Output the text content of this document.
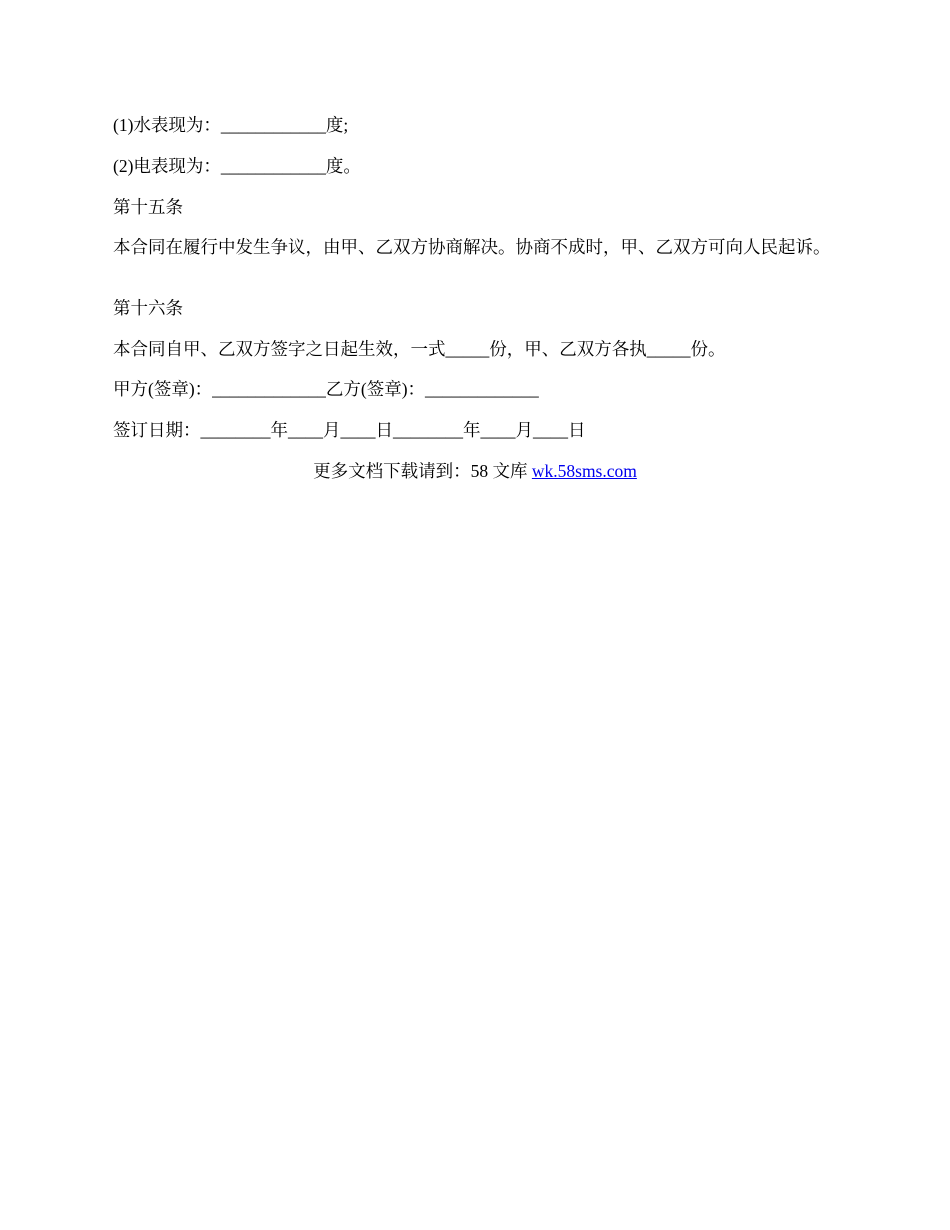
(1)水表现为：____________度;
(2)电表现为：____________度。
第十五条
本合同在履行中发生争议，由甲、乙双方协商解决。协商不成时，甲、乙双方可向人民起诉。
第十六条
本合同自甲、乙双方签字之日起生效，一式_____份，甲、乙双方各执_____份。
甲方(签章)：_____________乙方(签章)：_____________
签订日期：________年____月____日________年____月____日
更多文档下载请到：58 文库 wk.58sms.com
